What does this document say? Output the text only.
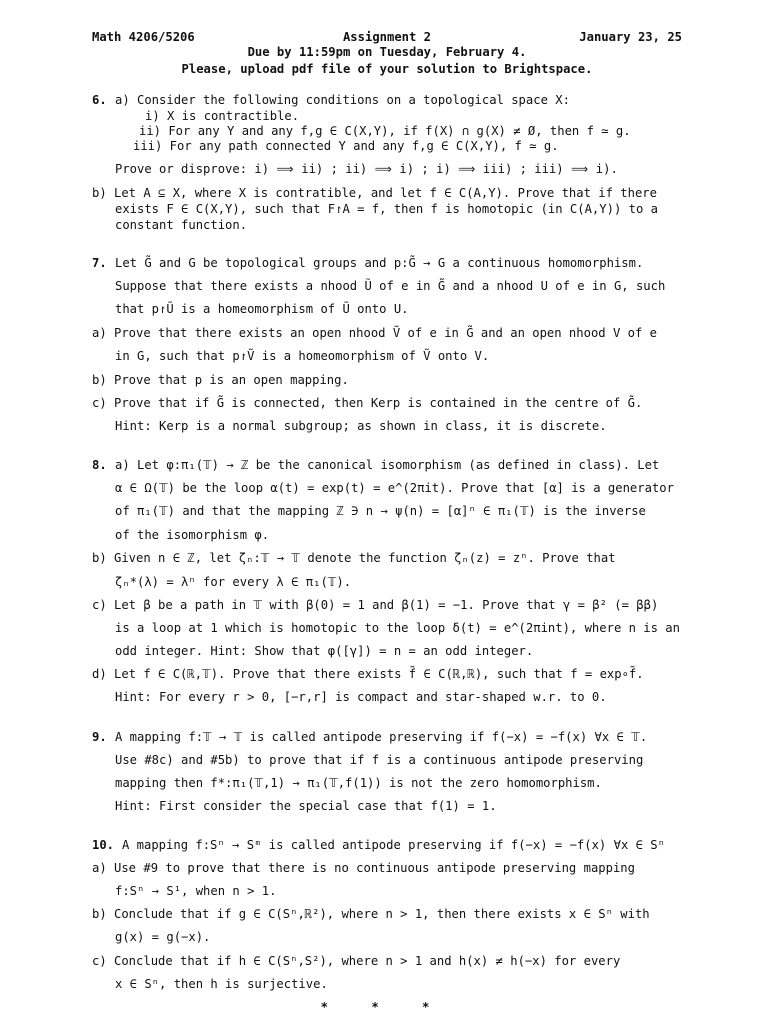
Math 4206/5206	Assignment 2	January 23, 25
Due by 11:59pm on Tuesday, February 4.
Please, upload pdf file of your solution to Brightspace.
6. a) Consider the following conditions on a topological space X:
i) X is contractible.
ii) For any Y and any f,g ∈ C(X,Y), if f(X) ∩ g(X) ≠ Ø, then f ≃ g.
iii) For any path connected Y and any f,g ∈ C(X,Y), f ≃ g.
Prove or disprove: i) ⟹ ii) ; ii) ⟹ i) ; i) ⟹ iii) ; iii) ⟹ i).
b) Let A ⊆ X, where X is contratible, and let f ∈ C(A,Y). Prove that if there
exists F ∈ C(X,Y), such that F↾A = f, then f is homotopic (in C(A,Y)) to a
constant function.
7. Let G̃ and G be topological groups and p:G̃ → G a continuous homomorphism.
Suppose that there exists a nhood Ũ of e in G̃ and a nhood U of e in G, such
that p↾Ũ is a homeomorphism of Ũ onto U.
a) Prove that there exists an open nhood Ṽ of e in G̃ and an open nhood V of e
in G, such that p↾Ṽ is a homeomorphism of Ṽ onto V.
b) Prove that p is an open mapping.
c) Prove that if G̃ is connected, then Kerp is contained in the centre of G̃.
Hint: Kerp is a normal subgroup; as shown in class, it is discrete.
8. a) Let φ:π₁(𝕋) → ℤ be the canonical isomorphism (as defined in class). Let
α ∈ Ω(𝕋) be the loop α(t) = exp(t) = e^(2πit). Prove that [α] is a generator
of π₁(𝕋) and that the mapping ℤ ∋ n → ψ(n) = [α]ⁿ ∈ π₁(𝕋) is the inverse
of the isomorphism φ.
b) Given n ∈ ℤ, let ζₙ:𝕋 → 𝕋 denote the function ζₙ(z) = zⁿ. Prove that
ζₙ*(λ) = λⁿ for every λ ∈ π₁(𝕋).
c) Let β be a path in 𝕋 with β(0) = 1 and β(1) = −1. Prove that γ = β² (= ββ)
is a loop at 1 which is homotopic to the loop δ(t) = e^(2πint), where n is an
odd integer. Hint: Show that φ([γ]) = n = an odd integer.
d) Let f ∈ C(ℝ,𝕋). Prove that there exists f̃ ∈ C(ℝ,ℝ), such that f = exp∘f̃.
Hint: For every r > 0, [−r,r] is compact and star-shaped w.r. to 0.
9. A mapping f:𝕋 → 𝕋 is called antipode preserving if f(−x) = −f(x) ∀x ∈ 𝕋.
Use #8c) and #5b) to prove that if f is a continuous antipode preserving
mapping then f*:π₁(𝕋,1) → π₁(𝕋,f(1)) is not the zero homomorphism.
Hint: First consider the special case that f(1) = 1.
10. A mapping f:Sⁿ → Sᵐ is called antipode preserving if f(−x) = −f(x) ∀x ∈ Sⁿ
a) Use #9 to prove that there is no continuous antipode preserving mapping
f:Sⁿ → S¹, when n > 1.
b) Conclude that if g ∈ C(Sⁿ,ℝ²), where n > 1, then there exists x ∈ Sⁿ with
g(x) = g(−x).
c) Conclude that if h ∈ C(Sⁿ,S²), where n > 1 and h(x) ≠ h(−x) for every
x ∈ Sⁿ, then h is surjective.
* * *
